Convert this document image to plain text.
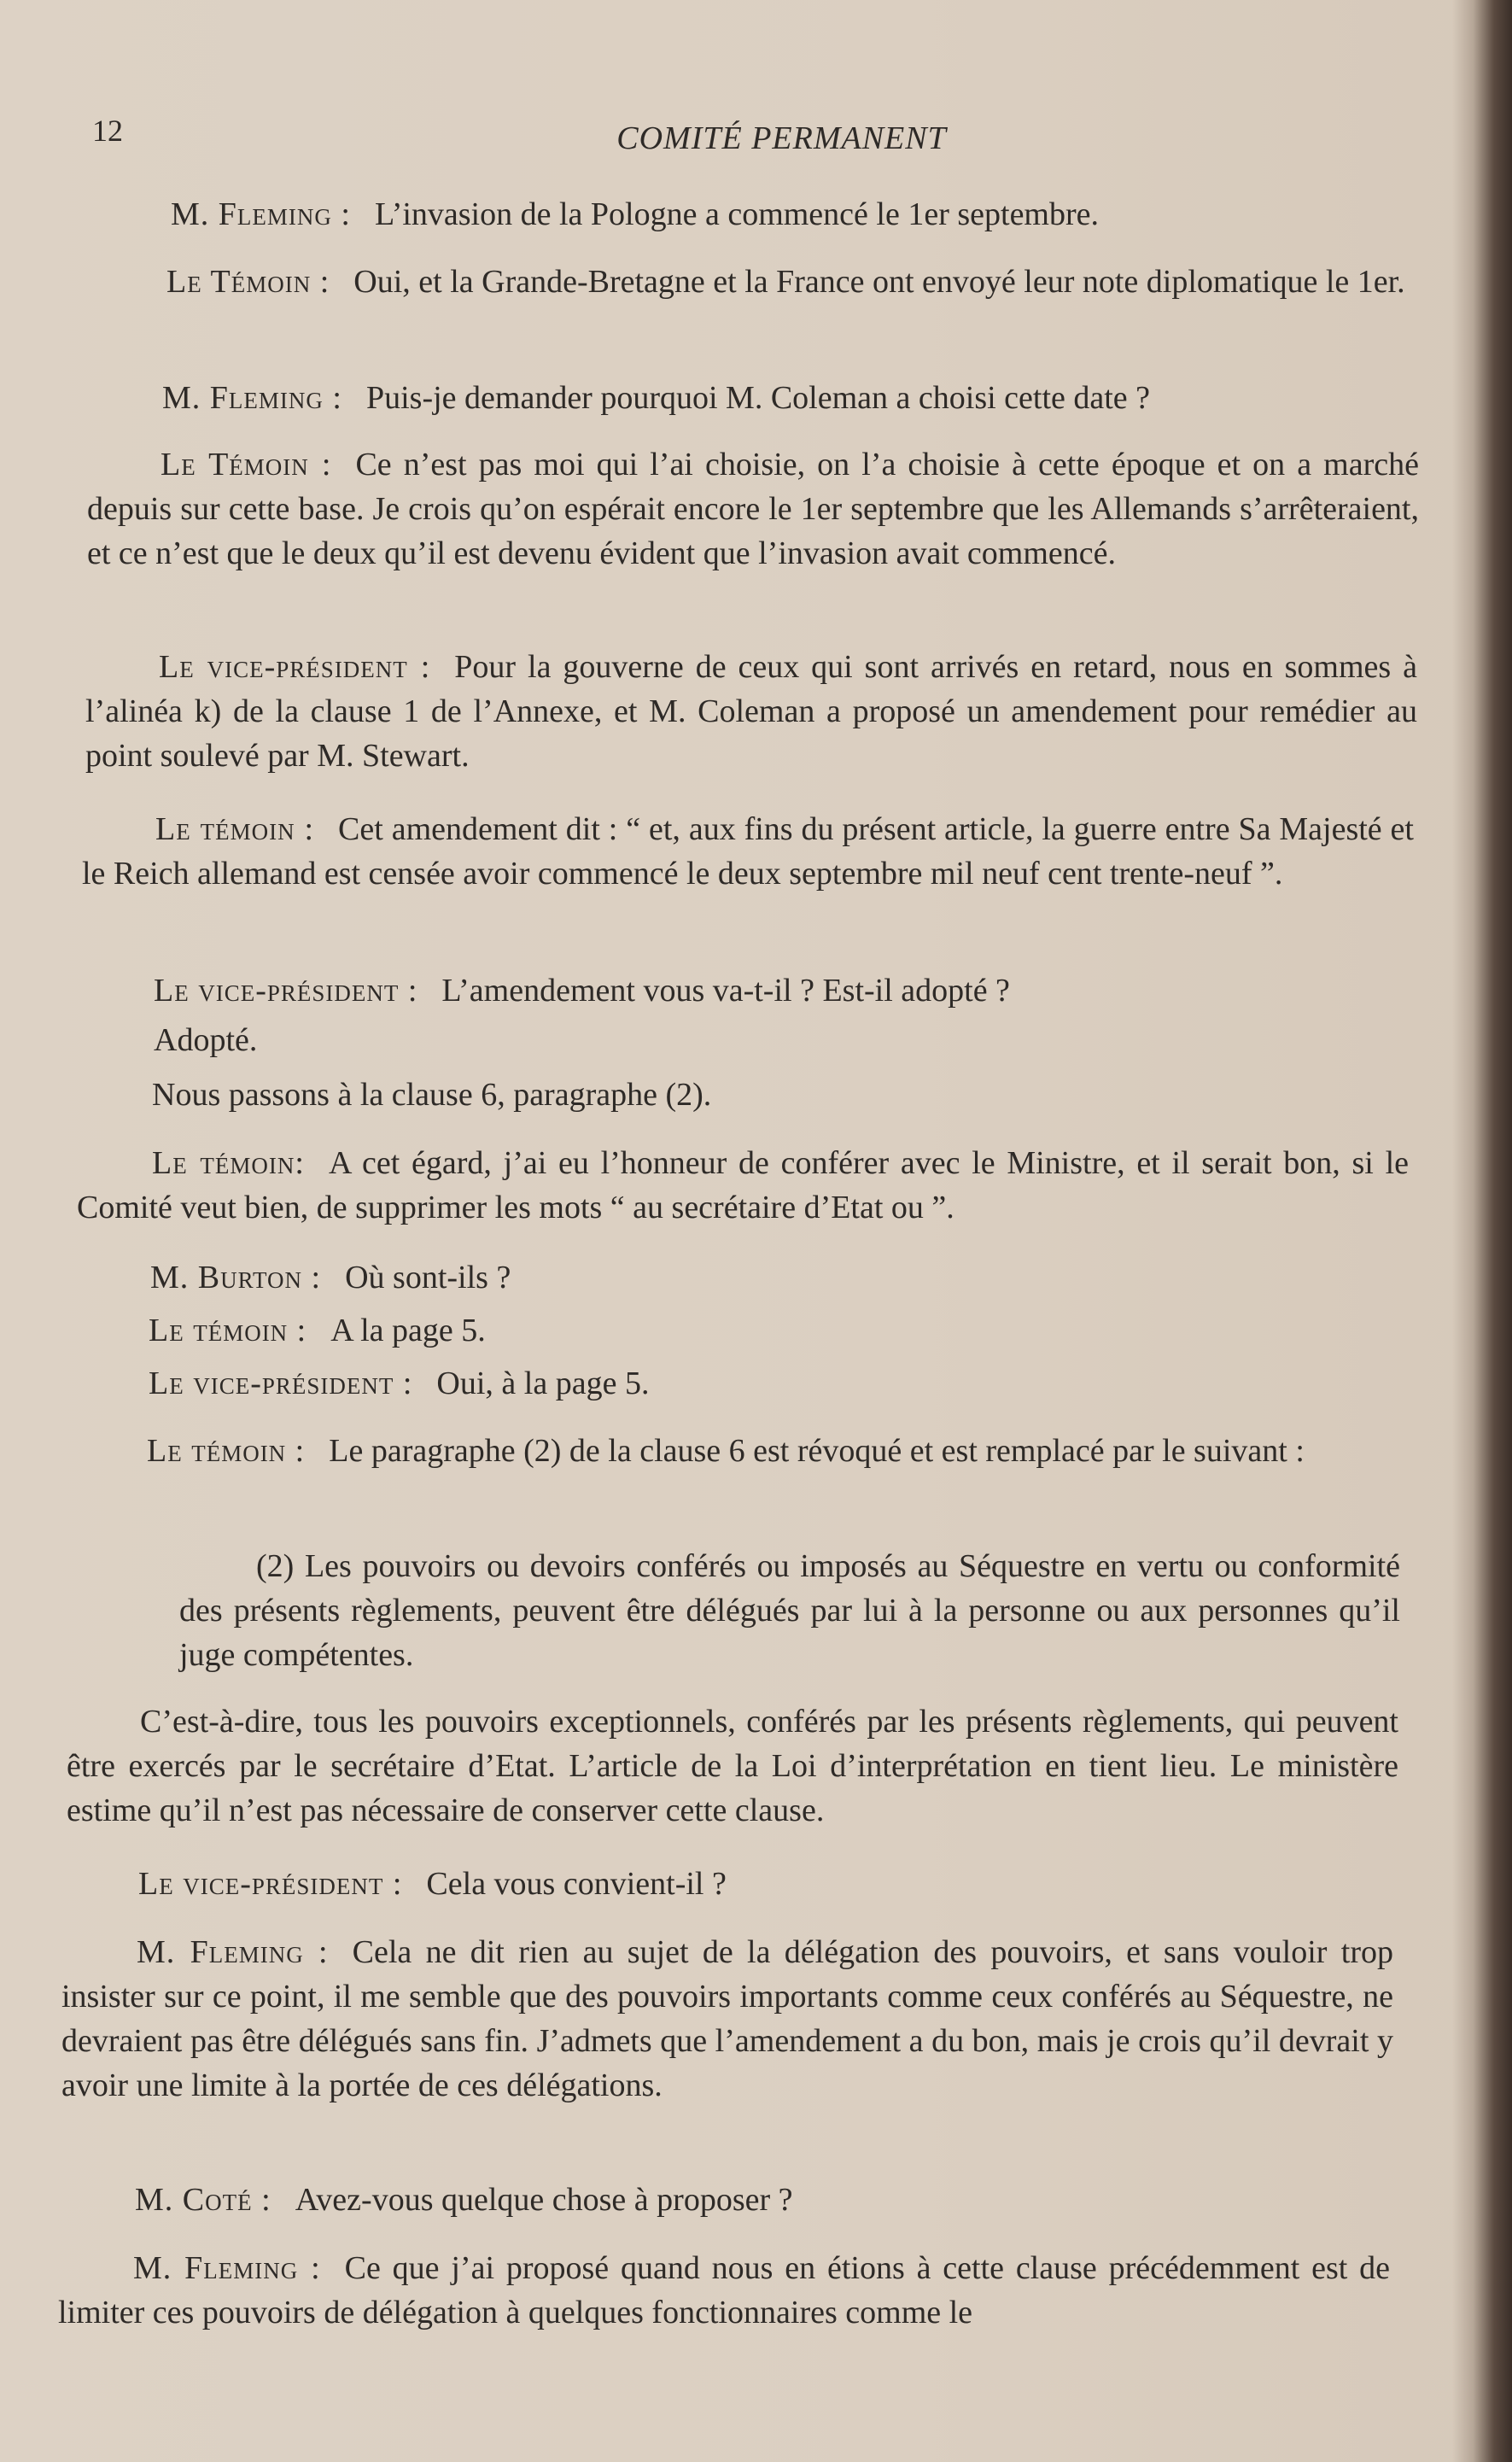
12	COMITÉ PERMANENT

M. Fleming : L’invasion de la Pologne a commencé le 1er septembre.

Le Témoin : Oui, et la Grande-Bretagne et la France ont envoyé leur note diplomatique le 1er.

M. Fleming : Puis-je demander pourquoi M. Coleman a choisi cette date ?

Le Témoin : Ce n’est pas moi qui l’ai choisie, on l’a choisie à cette époque et on a marché depuis sur cette base. Je crois qu’on espérait encore le 1er septembre que les Allemands s’arrêteraient, et ce n’est que le deux qu’il est devenu évident que l’invasion avait commencé.

Le vice-président : Pour la gouverne de ceux qui sont arrivés en retard, nous en sommes à l’alinéa k) de la clause 1 de l’Annexe, et M. Coleman a proposé un amendement pour remédier au point soulevé par M. Stewart.

Le témoin : Cet amendement dit : “ et, aux fins du présent article, la guerre entre Sa Majesté et le Reich allemand est censée avoir commencé le deux septembre mil neuf cent trente-neuf ”.

Le vice-président : L’amendement vous va-t-il ? Est-il adopté ?

Adopté.

Nous passons à la clause 6, paragraphe (2).

Le témoin: A cet égard, j’ai eu l’honneur de conférer avec le Ministre, et il serait bon, si le Comité veut bien, de supprimer les mots “ au secrétaire d’Etat ou ”.

M. Burton : Où sont-ils ?

Le témoin : A la page 5.

Le vice-président : Oui, à la page 5.

Le témoin : Le paragraphe (2) de la clause 6 est révoqué et est remplacé par le suivant :

(2) Les pouvoirs ou devoirs conférés ou imposés au Séquestre en vertu ou conformité des présents règlements, peuvent être délégués par lui à la personne ou aux personnes qu’il juge compétentes.

C’est-à-dire, tous les pouvoirs exceptionnels, conférés par les présents règlements, qui peuvent être exercés par le secrétaire d’Etat. L’article de la Loi d’interprétation en tient lieu. Le ministère estime qu’il n’est pas nécessaire de conserver cette clause.

Le vice-président : Cela vous convient-il ?

M. Fleming : Cela ne dit rien au sujet de la délégation des pouvoirs, et sans vouloir trop insister sur ce point, il me semble que des pouvoirs importants comme ceux conférés au Séquestre, ne devraient pas être délégués sans fin. J’admets que l’amendement a du bon, mais je crois qu’il devrait y avoir une limite à la portée de ces délégations.

M. Coté : Avez-vous quelque chose à proposer ?

M. Fleming : Ce que j’ai proposé quand nous en étions à cette clause précédemment est de limiter ces pouvoirs de délégation à quelques fonctionnaires comme le
